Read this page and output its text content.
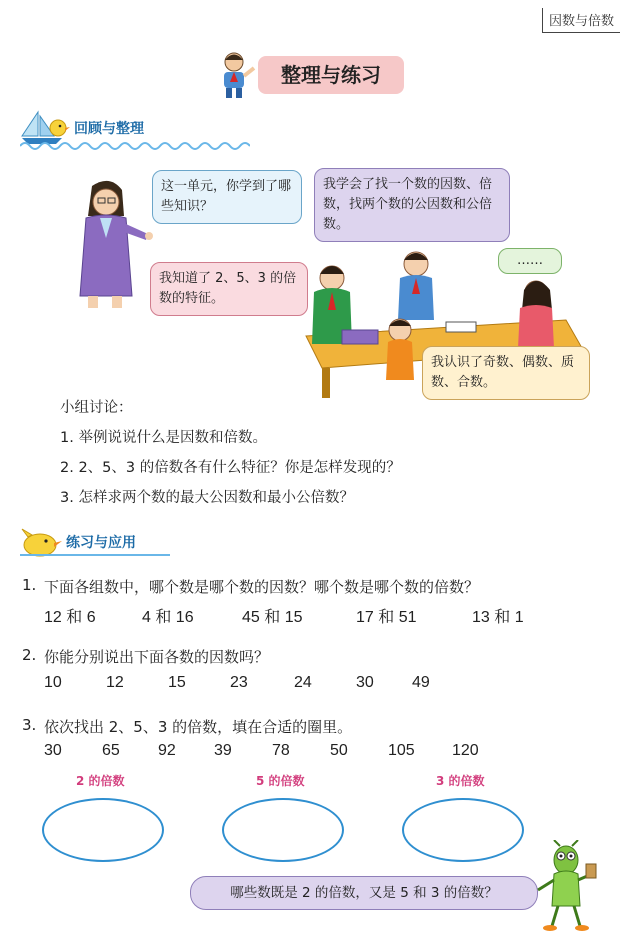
因数与倍数
整理与练习
回顾与整理
这一单元，你学到了哪些知识？
我学会了找一个数的因数、倍数，找两个数的公因数和公倍数。
我知道了 2、5、3 的倍数的特征。
……
我认识了奇数、偶数、质数、合数。
小组讨论：
1. 举例说说什么是因数和倍数。
2. 2、5、3 的倍数各有什么特征？你是怎样发现的？
3. 怎样求两个数的最大公因数和最小公倍数？
练习与应用
1. 下面各组数中，哪个数是哪个数的因数？哪个数是哪个数的倍数？
12 和 6	4 和 16	45 和 15	17 和 51	13 和 1
2. 你能分别说出下面各数的因数吗？
10	12	15	23	24	30 49
3. 依次找出 2、5、3 的倍数，填在合适的圈里。
30	65 92 39	78	50	105 120
2 的倍数	5 的倍数	3 的倍数
哪些数既是 2 的倍数，又是 5 和 3 的倍数？
